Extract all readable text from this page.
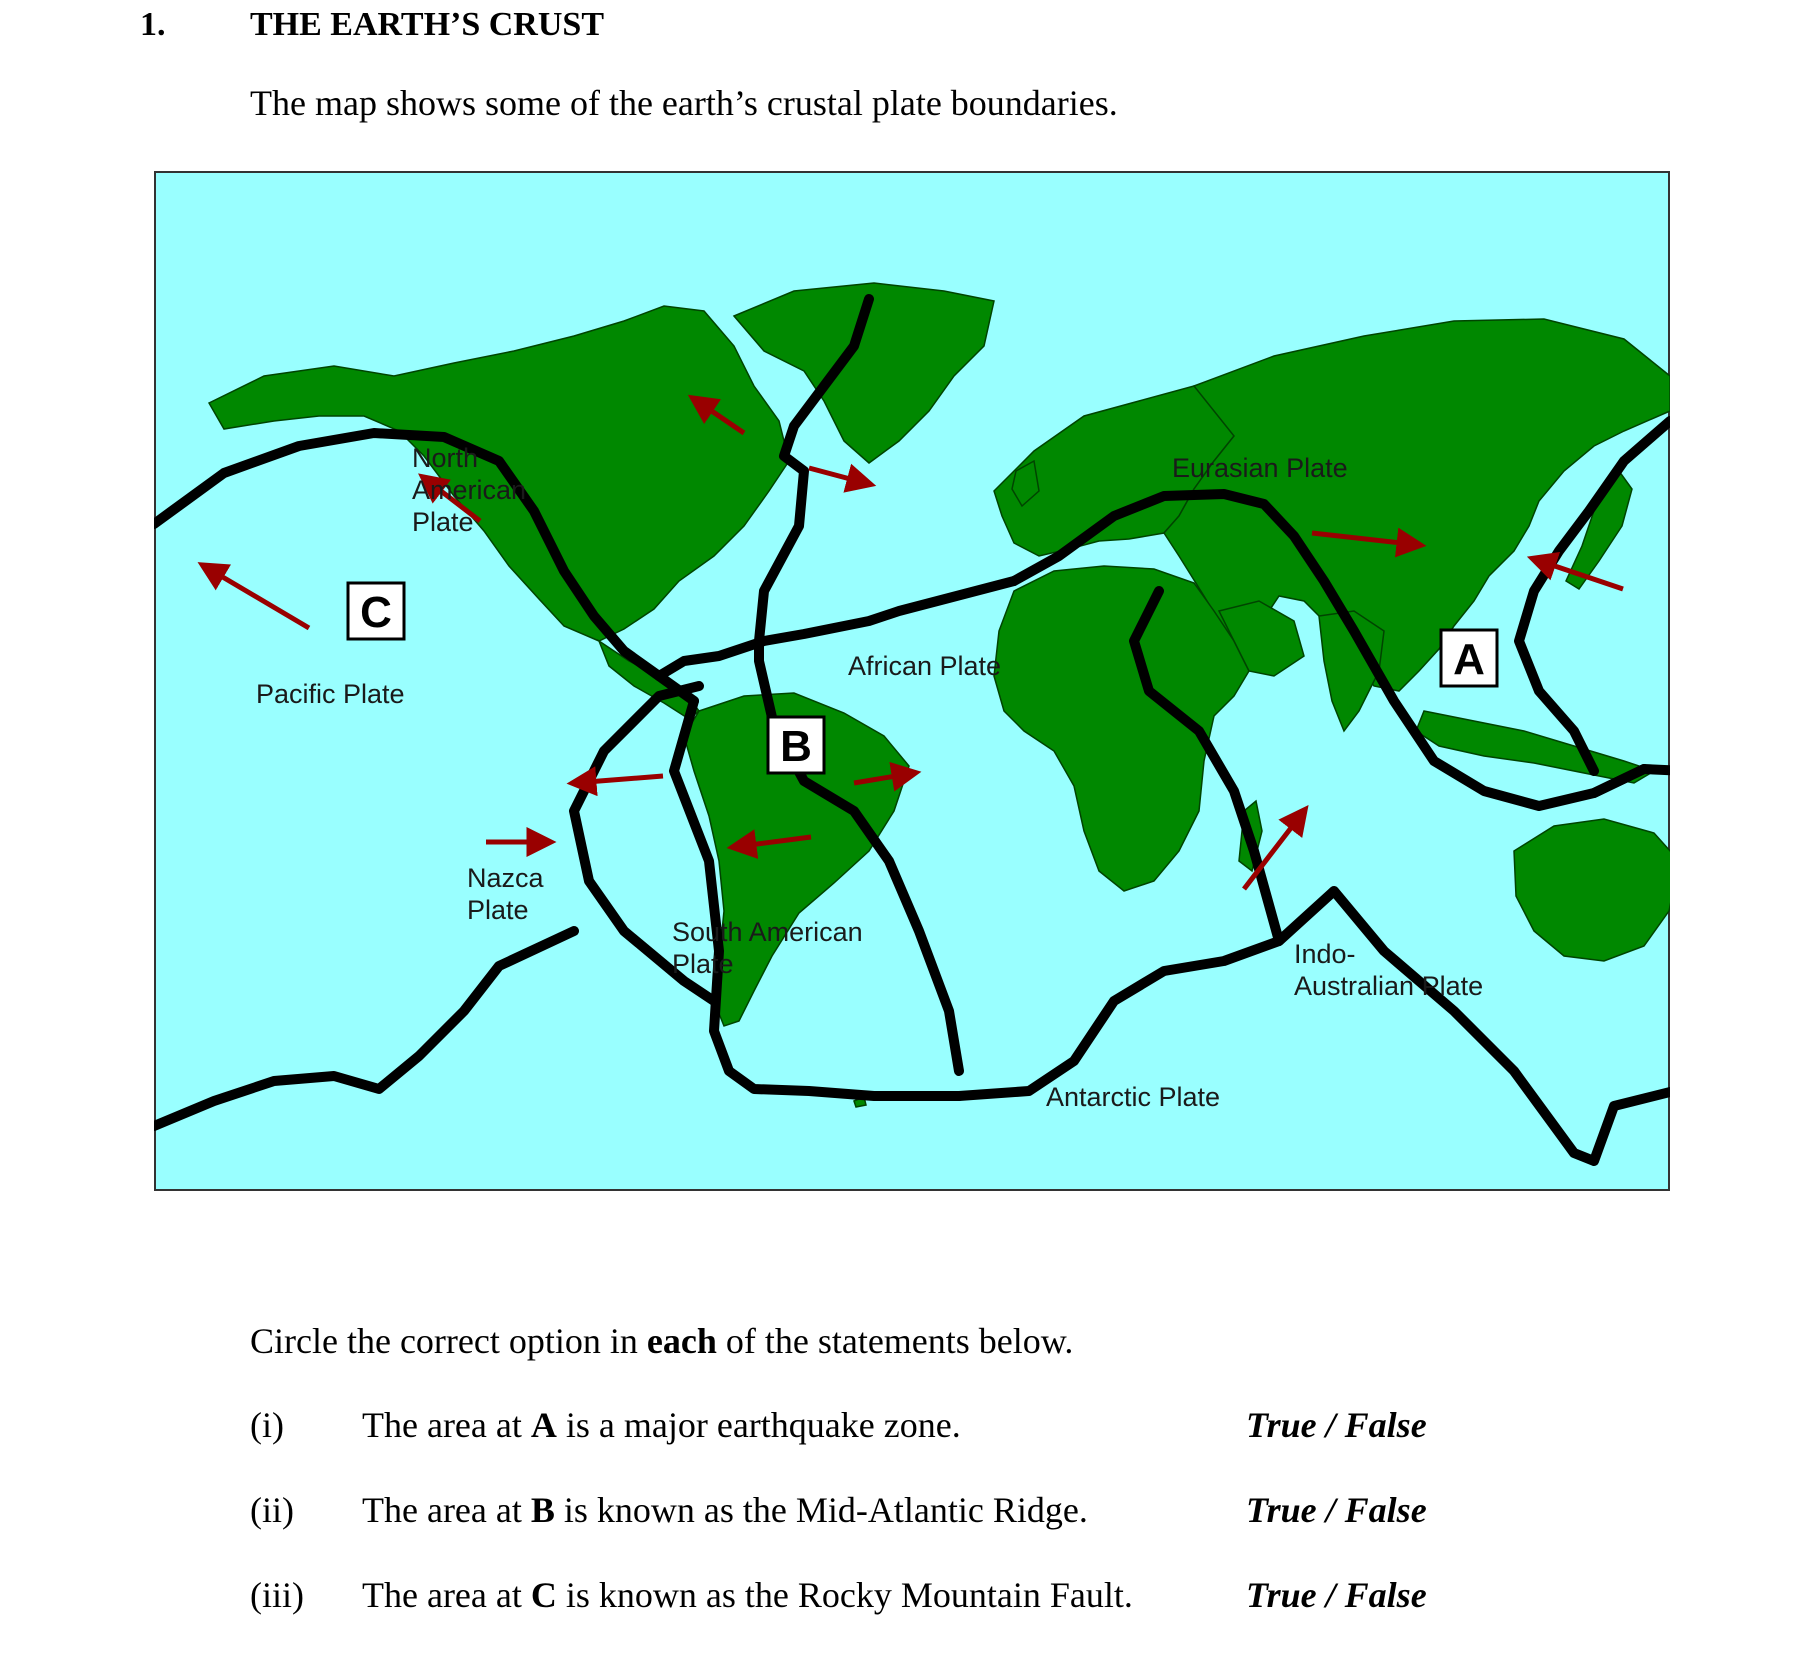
1. THE EARTH’S CRUST
The map shows some of the earth’s crustal plate boundaries.
North American Plate
Eurasian Plate
Pacific Plate
African Plate
Nazca Plate
South American Plate	Indo- Australian Plate
Antarctic Plate
A
B
C
Circle the correct option in each of the statements below.
(i) The area at A is a major earthquake zone.	True / False
(ii) The area at B is known as the Mid-Atlantic Ridge.	True / False
(iii) The area at C is known as the Rocky Mountain Fault.	True / False
